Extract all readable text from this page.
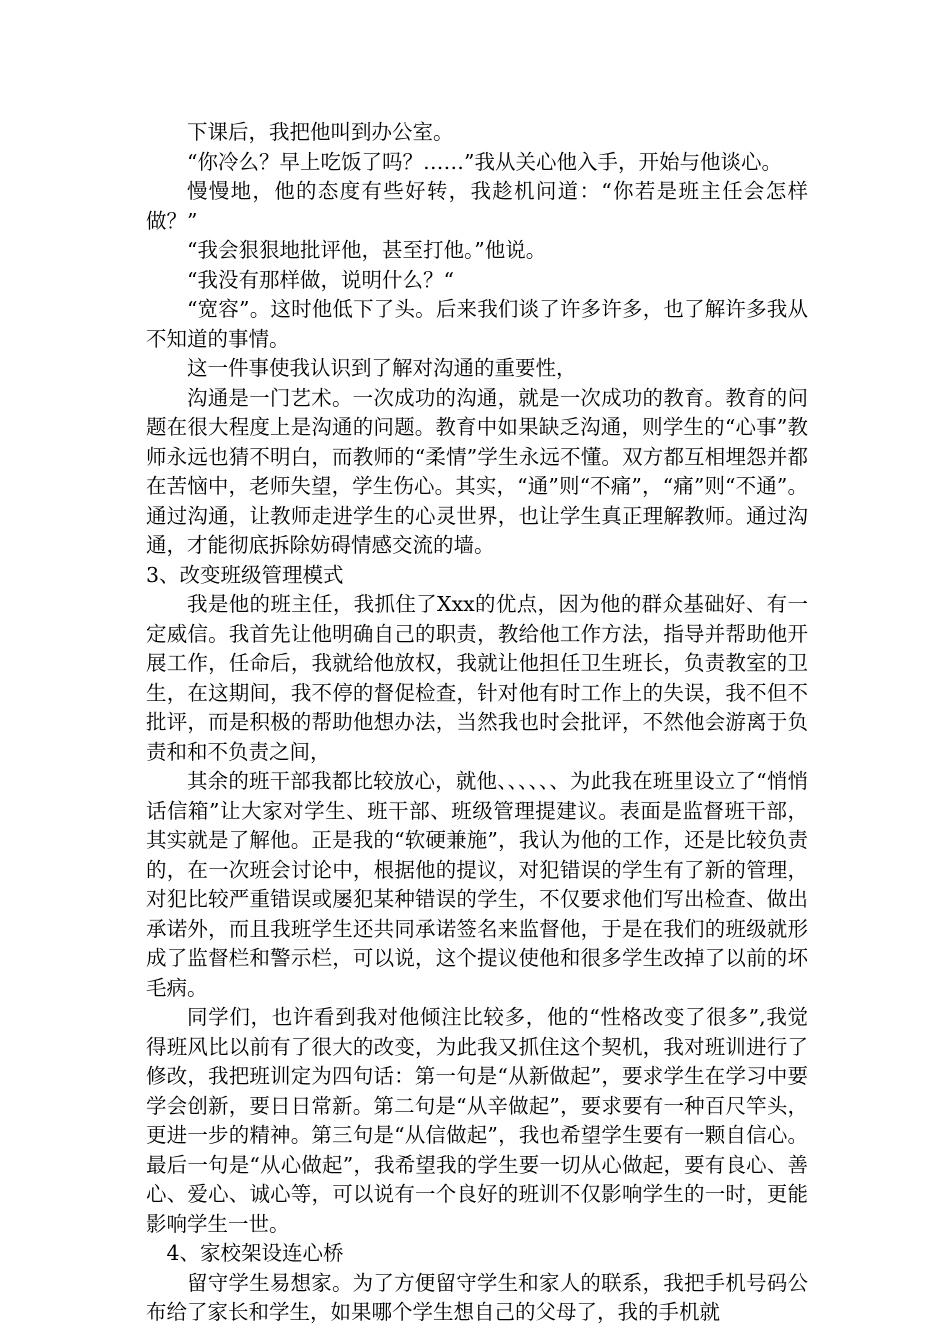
下课后，我把他叫到办公室。

“你冷么？早上吃饭了吗？……”我从关心他入手，开始与他谈心。

慢慢地，他的态度有些好转，我趁机问道：“你若是班主任会怎样做？”

“我会狠狠地批评他，甚至打他。”他说。

“我没有那样做，说明什么？“

“宽容”。这时他低下了头。后来我们谈了许多许多，也了解许多我从不知道的事情。

这一件事使我认识到了解对沟通的重要性，

沟通是一门艺术。一次成功的沟通，就是一次成功的教育。教育的问题在很大程度上是沟通的问题。教育中如果缺乏沟通，则学生的“心事”教师永远也猜不明白，而教师的“柔情”学生永远不懂。双方都互相埋怨并都在苦恼中，老师失望，学生伤心。其实，“通”则“不痛”，“痛”则“不通”。通过沟通，让教师走进学生的心灵世界，也让学生真正理解教师。通过沟通，才能彻底拆除妨碍情感交流的墙。

3、改变班级管理模式

我是他的班主任，我抓住了Xxx的优点，因为他的群众基础好、有一定威信。我首先让他明确自己的职责，教给他工作方法，指导并帮助他开展工作，任命后，我就给他放权，我就让他担任卫生班长，负责教室的卫生，在这期间，我不停的督促检查，针对他有时工作上的失误，我不但不批评，而是积极的帮助他想办法，当然我也时会批评，不然他会游离于负责和和不负责之间，

其余的班干部我都比较放心，就他、、、、、、为此我在班里设立了“悄悄话信箱”让大家对学生、班干部、班级管理提建议。表面是监督班干部，其实就是了解他。正是我的“软硬兼施”，我认为他的工作，还是比较负责的，在一次班会讨论中，根据他的提议，对犯错误的学生有了新的管理，对犯比较严重错误或屡犯某种错误的学生，不仅要求他们写出检查、做出承诺外，而且我班学生还共同承诺签名来监督他，于是在我们的班级就形成了监督栏和警示栏，可以说，这个提议使他和很多学生改掉了以前的坏毛病。

同学们，也许看到我对他倾注比较多，他的“性格改变了很多”,我觉得班风比以前有了很大的改变，为此我又抓住这个契机，我对班训进行了修改，我把班训定为四句话：第一句是“从新做起”，要求学生在学习中要学会创新，要日日常新。第二句是“从辛做起”，要求要有一种百尺竿头，更进一步的精神。第三句是“从信做起”，我也希望学生要有一颗自信心。最后一句是“从心做起”，我希望我的学生要一切从心做起，要有良心、善心、爱心、诚心等，可以说有一个良好的班训不仅影响学生的一时，更能影响学生一世。

4、家校架设连心桥

留守学生易想家。为了方便留守学生和家人的联系，我把手机号码公布给了家长和学生，如果哪个学生想自己的父母了，我的手机就
